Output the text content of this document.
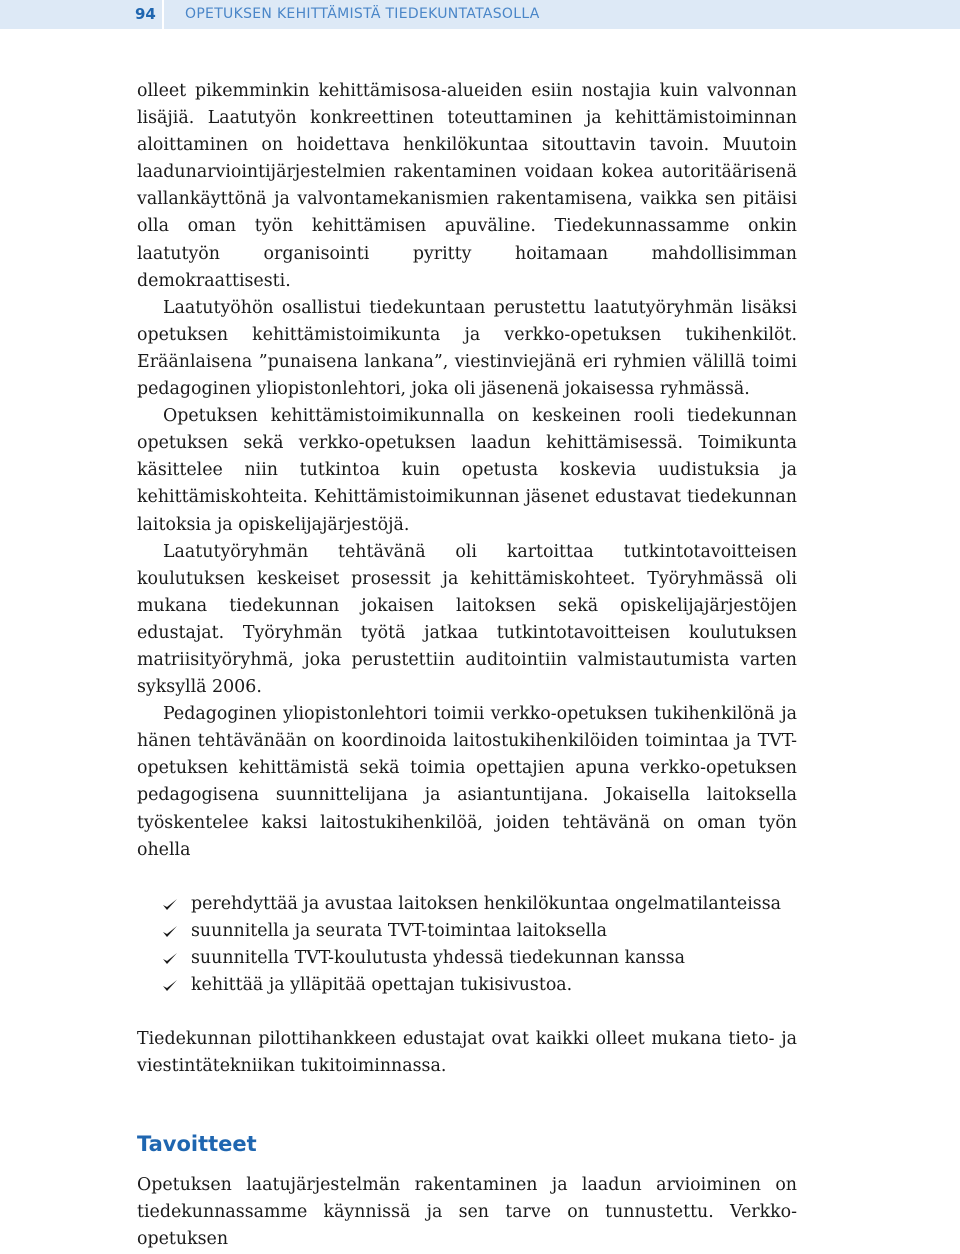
94	OPETUKSEN KEHITTÄMISTÄ TIEDEKUNTATASOLLA

olleet pikemminkin kehittämisosa-alueiden esiin nostajia kuin valvonnan lisäjiä. Laatutyön konkreettinen toteuttaminen ja kehittämistoiminnan aloittaminen on hoidettava henkilökuntaa sitouttavin tavoin. Muutoin laadunarviointijärjestelmien rakentaminen voidaan kokea autoritäärisenä vallankäyttönä ja valvontamekanismien rakentamisena, vaikka sen pitäisi olla oman työn kehittämisen apuväline. Tiedekunnassamme onkin laatutyön organisointi pyritty hoitamaan mahdollisimman demokraattisesti.

Laatutyöhön osallistui tiedekuntaan perustettu laatutyöryhmän lisäksi opetuksen kehittämistoimikunta ja verkko-opetuksen tukihenkilöt. Eräänlaisena ”punaisena lankana”, viestinviejänä eri ryhmien välillä toimi pedagoginen yliopistonlehtori, joka oli jäsenenä jokaisessa ryhmässä.

Opetuksen kehittämistoimikunnalla on keskeinen rooli tiedekunnan opetuksen sekä verkko-opetuksen laadun kehittämisessä. Toimikunta käsittelee niin tutkintoa kuin opetusta koskevia uudistuksia ja kehittämiskohteita. Kehittämistoimikunnan jäsenet edustavat tiedekunnan laitoksia ja opiskelijajärjestöjä.

Laatutyöryhmän tehtävänä oli kartoittaa tutkintotavoitteisen koulutuksen keskeiset prosessit ja kehittämiskohteet. Työryhmässä oli mukana tiedekunnan jokaisen laitoksen sekä opiskelijajärjestöjen edustajat. Työryhmän työtä jatkaa tutkintotavoitteisen koulutuksen matriisityöryhmä, joka perustettiin auditointiin valmistautumista varten syksyllä 2006.

Pedagoginen yliopistonlehtori toimii verkko-opetuksen tukihenkilönä ja hänen tehtävänään on koordinoida laitostukihenkilöiden toimintaa ja TVT-opetuksen kehittämistä sekä toimia opettajien apuna verkko-opetuksen pedagogisena suunnittelijana ja asiantuntijana. Jokaisella laitoksella työskentelee kaksi laitostukihenkilöä, joiden tehtävänä on oman työn ohella

perehdyttää ja avustaa laitoksen henkilökuntaa ongelmatilanteissa
suunnitella ja seurata TVT-toimintaa laitoksella
suunnitella TVT-koulutusta yhdessä tiedekunnan kanssa
kehittää ja ylläpitää opettajan tukisivustoa.

Tiedekunnan pilottihankkeen edustajat ovat kaikki olleet mukana tieto- ja viestintätekniikan tukitoiminnassa.

Tavoitteet

Opetuksen laatujärjestelmän rakentaminen ja laadun arvioiminen on tiedekunnassamme käynnissä ja sen tarve on tunnustettu. Verkko-opetuksen
